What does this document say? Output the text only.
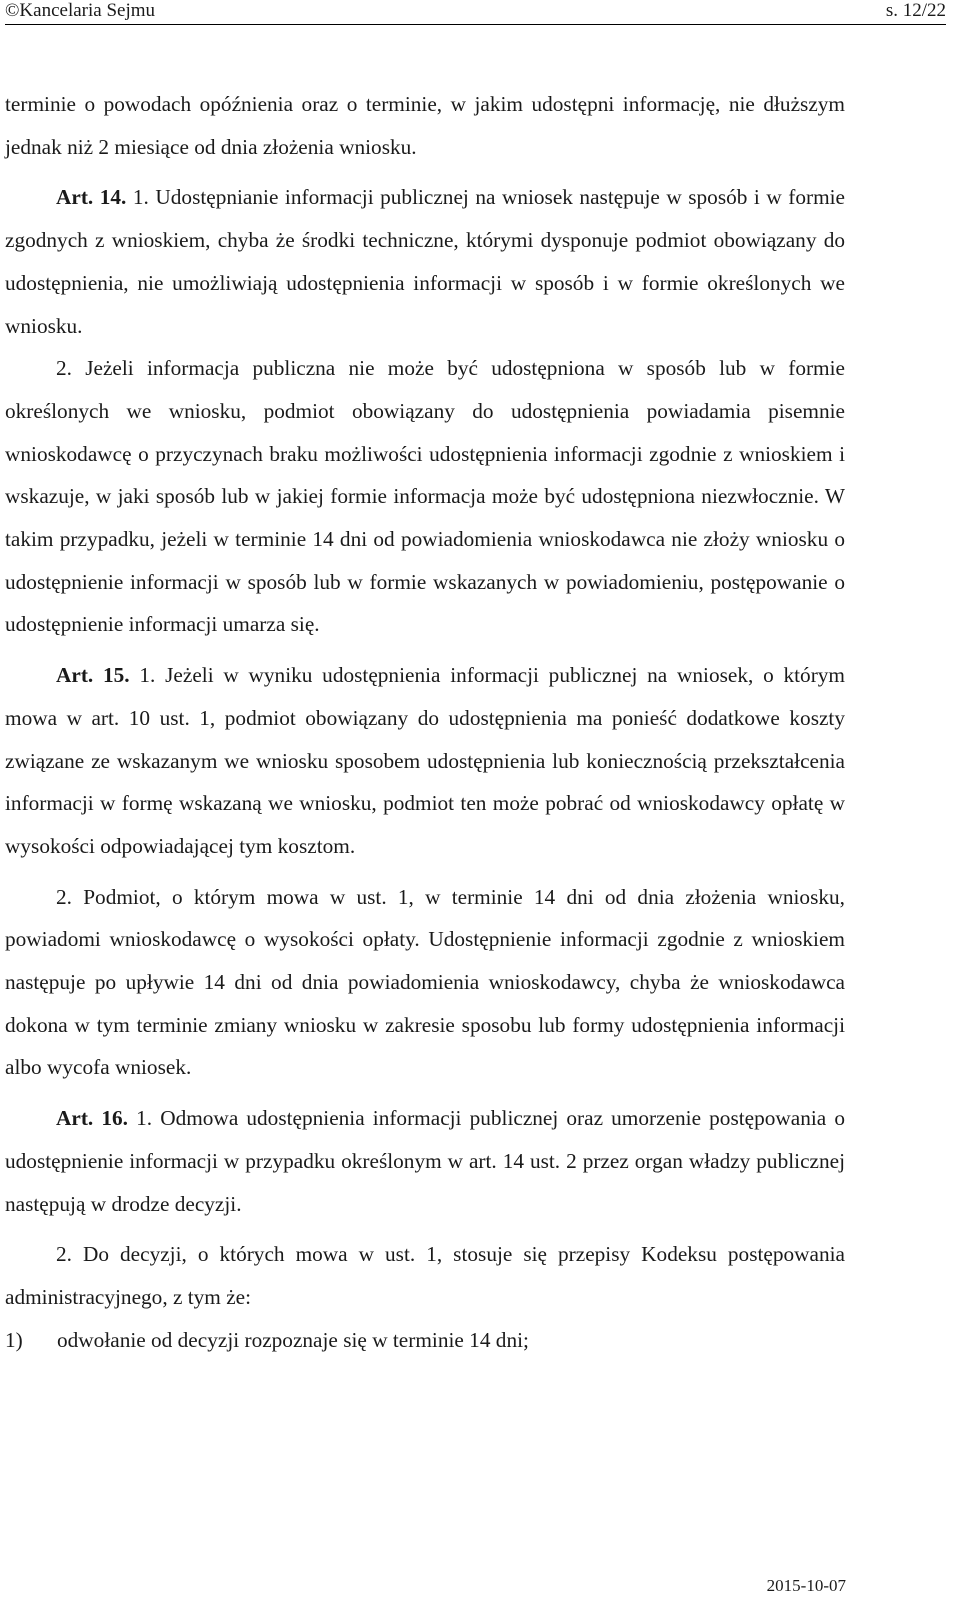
©Kancelaria Sejmu	s. 12/22

terminie o powodach opóźnienia oraz o terminie, w jakim udostępni informację, nie dłuższym jednak niż 2 miesiące od dnia złożenia wniosku.

Art. 14. 1. Udostępnianie informacji publicznej na wniosek następuje w sposób i w formie zgodnych z wnioskiem, chyba że środki techniczne, którymi dysponuje podmiot obowiązany do udostępnienia, nie umożliwiają udostępnienia informacji w sposób i w formie określonych we wniosku.

2. Jeżeli informacja publiczna nie może być udostępniona w sposób lub w formie określonych we wniosku, podmiot obowiązany do udostępnienia powiadamia pisemnie wnioskodawcę o przyczynach braku możliwości udostępnienia informacji zgodnie z wnioskiem i wskazuje, w jaki sposób lub w jakiej formie informacja może być udostępniona niezwłocznie. W takim przypadku, jeżeli w terminie 14 dni od powiadomienia wnioskodawca nie złoży wniosku o udostępnienie informacji w sposób lub w formie wskazanych w powiadomieniu, postępowanie o udostępnienie informacji umarza się.

Art. 15. 1. Jeżeli w wyniku udostępnienia informacji publicznej na wniosek, o którym mowa w art. 10 ust. 1, podmiot obowiązany do udostępnienia ma ponieść dodatkowe koszty związane ze wskazanym we wniosku sposobem udostępnienia lub koniecznością przekształcenia informacji w formę wskazaną we wniosku, podmiot ten może pobrać od wnioskodawcy opłatę w wysokości odpowiadającej tym kosztom.

2. Podmiot, o którym mowa w ust. 1, w terminie 14 dni od dnia złożenia wniosku, powiadomi wnioskodawcę o wysokości opłaty. Udostępnienie informacji zgodnie z wnioskiem następuje po upływie 14 dni od dnia powiadomienia wnioskodawcy, chyba że wnioskodawca dokona w tym terminie zmiany wniosku w zakresie sposobu lub formy udostępnienia informacji albo wycofa wniosek.

Art. 16. 1. Odmowa udostępnienia informacji publicznej oraz umorzenie postępowania o udostępnienie informacji w przypadku określonym w art. 14 ust. 2 przez organ władzy publicznej następują w drodze decyzji.

2. Do decyzji, o których mowa w ust. 1, stosuje się przepisy Kodeksu postępowania administracyjnego, z tym że:

1) odwołanie od decyzji rozpoznaje się w terminie 14 dni;
2015-10-07
